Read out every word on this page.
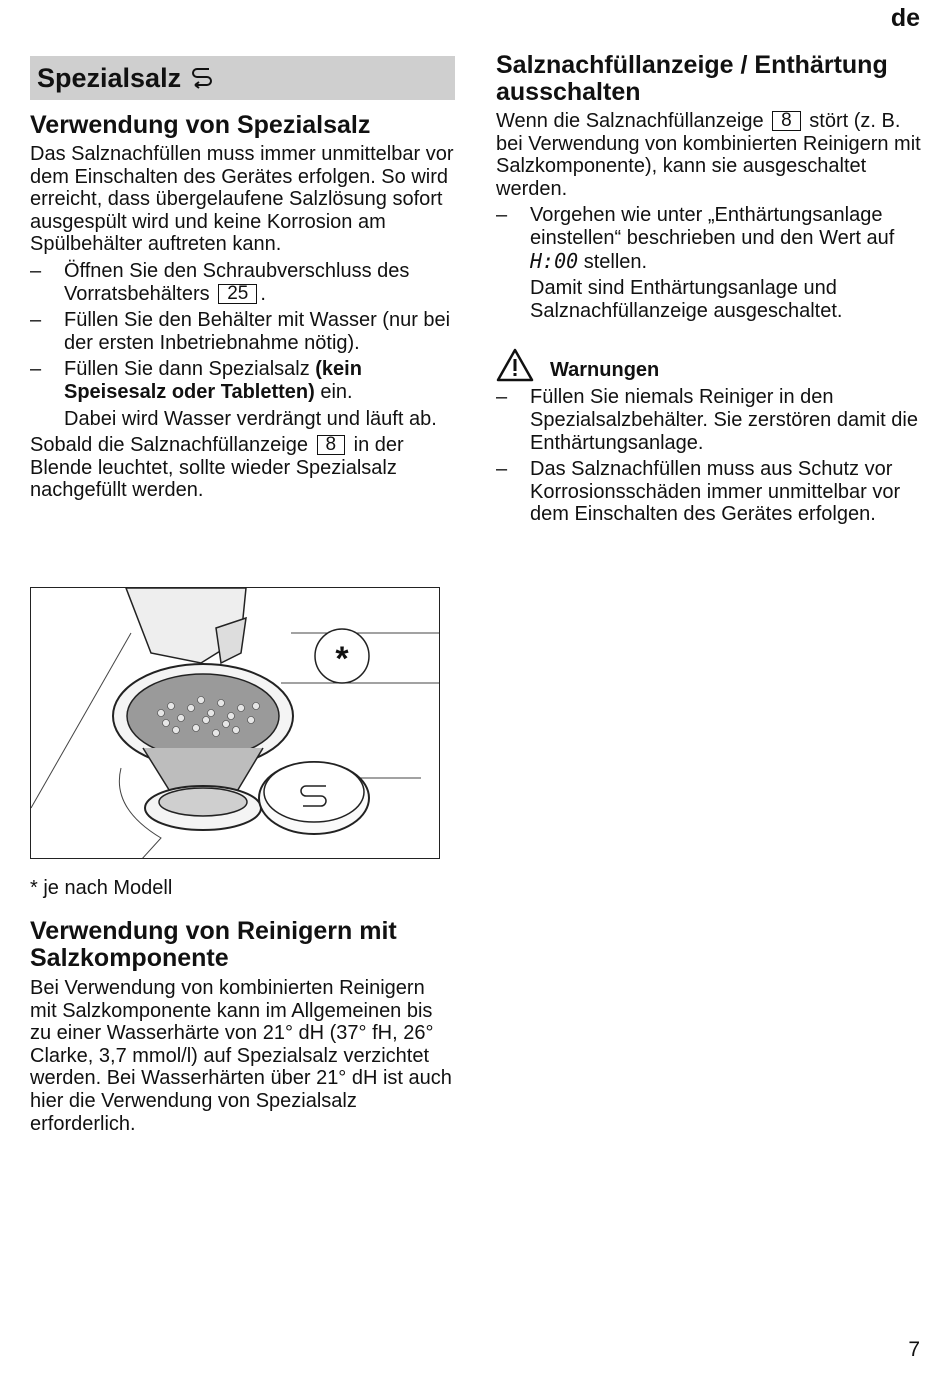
de
Spezialsalz
Verwendung von Spezialsalz

Das Salznachfüllen muss immer unmittelbar vor dem Einschalten des Gerätes erfolgen. So wird erreicht, dass übergelaufene Salzlösung sofort ausgespült wird und keine Korrosion am Spülbehälter auftreten kann.

– Öffnen Sie den Schraubverschluss des Vorratsbehälters 25 .
– Füllen Sie den Behälter mit Wasser (nur bei der ersten Inbetriebnahme nötig).
– Füllen Sie dann Spezialsalz (kein Speisesalz oder Tabletten) ein.
Dabei wird Wasser verdrängt und läuft ab.

Sobald die Salznachfüllanzeige 8 in der Blende leuchtet, sollte wieder Spezialsalz nachgefüllt werden.

*

* je nach Modell

Verwendung von Reinigern mit Salzkomponente

Bei Verwendung von kombinierten Reinigern mit Salzkomponente kann im Allgemeinen bis zu einer Wasserhärte von 21° dH (37° fH, 26° Clarke, 3,7 mmol/l) auf Spezialsalz verzichtet werden. Bei Wasserhärten über 21° dH ist auch hier die Verwendung von Spezialsalz erforderlich.

Salznachfüllanzeige / Enthärtung ausschalten

Wenn die Salznachfüllanzeige 8 stört (z. B. bei Verwendung von kombinierten Reinigern mit Salzkomponente), kann sie ausgeschaltet werden.

– Vorgehen wie unter „Enthärtungsanlage einstellen“ beschrieben und den Wert auf H:00 stellen.
Damit sind Enthärtungsanlage und Salznachfüllanzeige ausgeschaltet.
Warnungen
– Füllen Sie niemals Reiniger in den Spezialsalzbehälter. Sie zerstören damit die Enthärtungsanlage.
– Das Salznachfüllen muss aus Schutz vor Korrosionsschäden immer unmittelbar vor dem Einschalten des Gerätes erfolgen.
7
